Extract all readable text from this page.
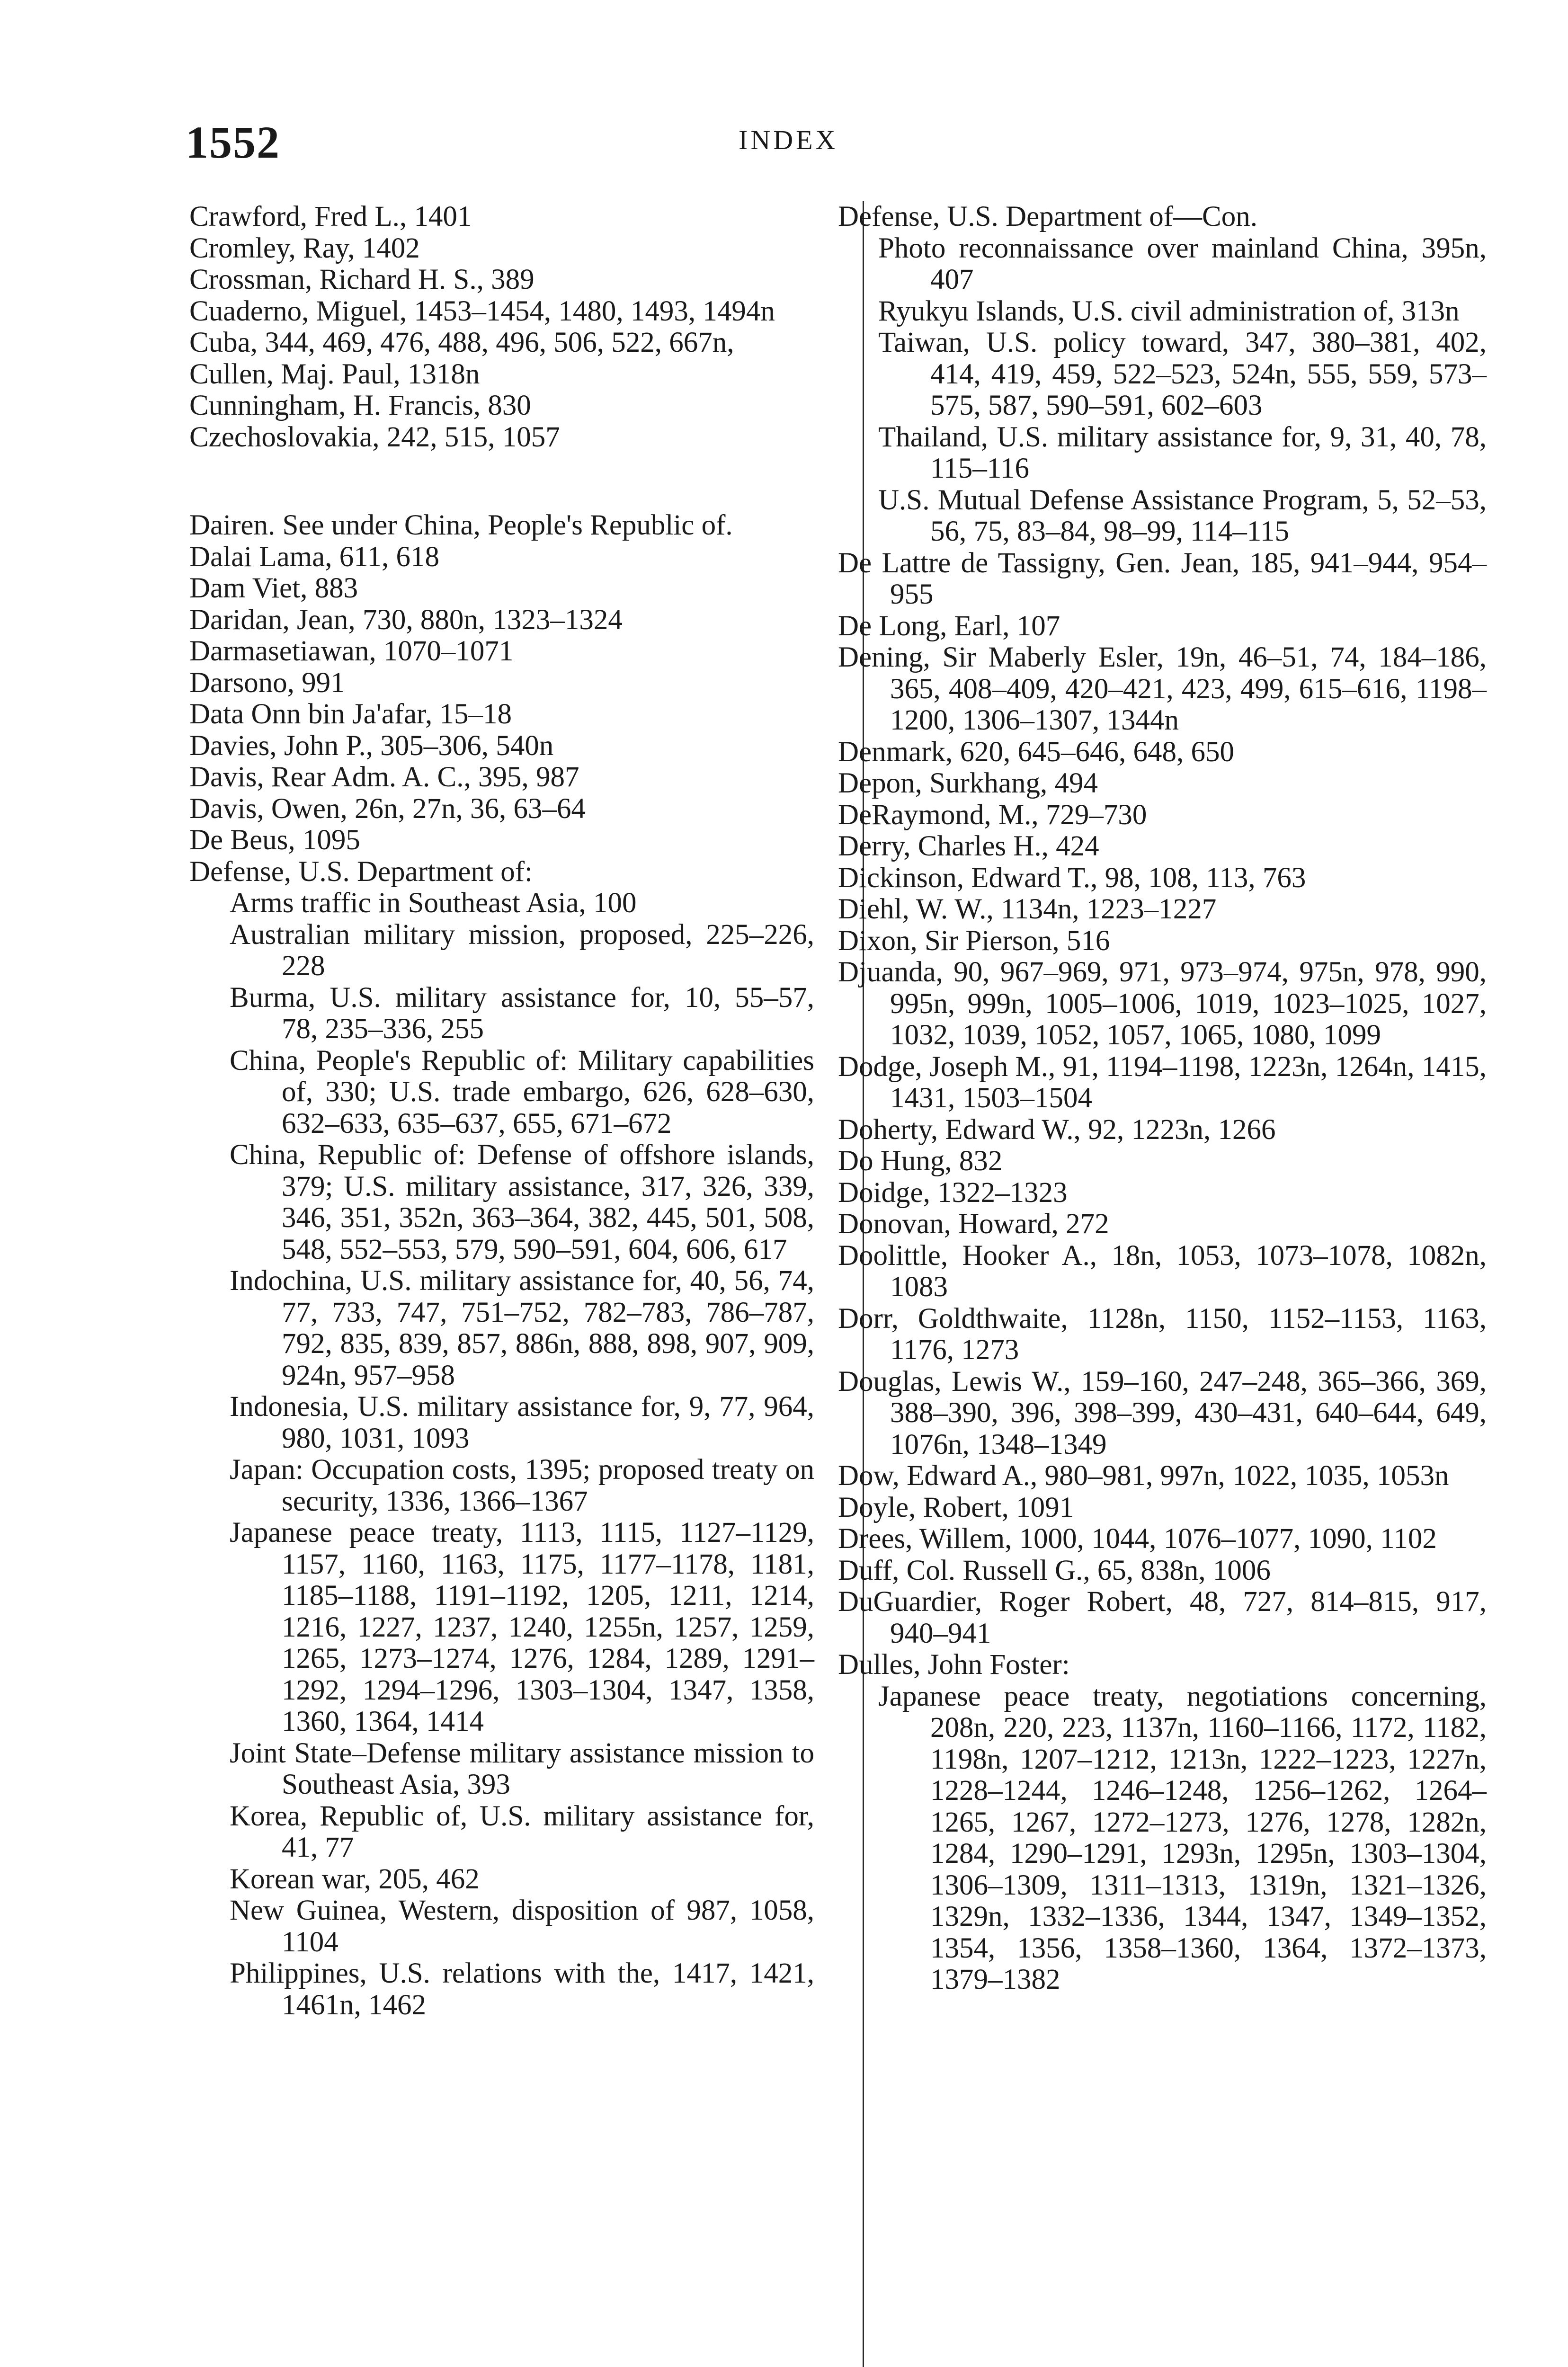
1552	INDEX
Crawford, Fred L., 1401
Cromley, Ray, 1402
Crossman, Richard H. S., 389
Cuaderno, Miguel, 1453–1454, 1480, 1493, 1494n
Cuba, 344, 469, 476, 488, 496, 506, 522, 667n,
Cullen, Maj. Paul, 1318n
Cunningham, H. Francis, 830
Czechoslovakia, 242, 515, 1057
Dairen. See under China, People's Republic of.
Dalai Lama, 611, 618
Dam Viet, 883
Daridan, Jean, 730, 880n, 1323–1324
Darmasetiawan, 1070–1071
Darsono, 991
Data Onn bin Ja'afar, 15–18
Davies, John P., 305–306, 540n
Davis, Rear Adm. A. C., 395, 987
Davis, Owen, 26n, 27n, 36, 63–64
De Beus, 1095
Defense, U.S. Department of:
Arms traffic in Southeast Asia, 100
Australian military mission, proposed, 225–226, 228
Burma, U.S. military assistance for, 10, 55–57, 78, 235–336, 255
China, People's Republic of: Military capabilities of, 330; U.S. trade embargo, 626, 628–630, 632–633, 635–637, 655, 671–672
China, Republic of: Defense of offshore islands, 379; U.S. military assistance, 317, 326, 339, 346, 351, 352n, 363–364, 382, 445, 501, 508, 548, 552–553, 579, 590–591, 604, 606, 617
Indochina, U.S. military assistance for, 40, 56, 74, 77, 733, 747, 751–752, 782–783, 786–787, 792, 835, 839, 857, 886n, 888, 898, 907, 909, 924n, 957–958
Indonesia, U.S. military assistance for, 9, 77, 964, 980, 1031, 1093
Japan: Occupation costs, 1395; proposed treaty on security, 1336, 1366–1367
Japanese peace treaty, 1113, 1115, 1127–1129, 1157, 1160, 1163, 1175, 1177–1178, 1181, 1185–1188, 1191–1192, 1205, 1211, 1214, 1216, 1227, 1237, 1240, 1255n, 1257, 1259, 1265, 1273–1274, 1276, 1284, 1289, 1291–1292, 1294–1296, 1303–1304, 1347, 1358, 1360, 1364, 1414
Joint State–Defense military assistance mission to Southeast Asia, 393
Korea, Republic of, U.S. military assistance for, 41, 77
Korean war, 205, 462
New Guinea, Western, disposition of 987, 1058, 1104
Philippines, U.S. relations with the, 1417, 1421, 1461n, 1462
Defense, U.S. Department of—Con.
Photo reconnaissance over mainland China, 395n, 407
Ryukyu Islands, U.S. civil administration of, 313n
Taiwan, U.S. policy toward, 347, 380–381, 402, 414, 419, 459, 522–523, 524n, 555, 559, 573–575, 587, 590–591, 602–603
Thailand, U.S. military assistance for, 9, 31, 40, 78, 115–116
U.S. Mutual Defense Assistance Program, 5, 52–53, 56, 75, 83–84, 98–99, 114–115
De Lattre de Tassigny, Gen. Jean, 185, 941–944, 954–955
De Long, Earl, 107
Dening, Sir Maberly Esler, 19n, 46–51, 74, 184–186, 365, 408–409, 420–421, 423, 499, 615–616, 1198–1200, 1306–1307, 1344n
Denmark, 620, 645–646, 648, 650
Depon, Surkhang, 494
DeRaymond, M., 729–730
Derry, Charles H., 424
Dickinson, Edward T., 98, 108, 113, 763
Diehl, W. W., 1134n, 1223–1227
Dixon, Sir Pierson, 516
Djuanda, 90, 967–969, 971, 973–974, 975n, 978, 990, 995n, 999n, 1005–1006, 1019, 1023–1025, 1027, 1032, 1039, 1052, 1057, 1065, 1080, 1099
Dodge, Joseph M., 91, 1194–1198, 1223n, 1264n, 1415, 1431, 1503–1504
Doherty, Edward W., 92, 1223n, 1266
Do Hung, 832
Doidge, 1322–1323
Donovan, Howard, 272
Doolittle, Hooker A., 18n, 1053, 1073–1078, 1082n, 1083
Dorr, Goldthwaite, 1128n, 1150, 1152–1153, 1163, 1176, 1273
Douglas, Lewis W., 159–160, 247–248, 365–366, 369, 388–390, 396, 398–399, 430–431, 640–644, 649, 1076n, 1348–1349
Dow, Edward A., 980–981, 997n, 1022, 1035, 1053n
Doyle, Robert, 1091
Drees, Willem, 1000, 1044, 1076–1077, 1090, 1102
Duff, Col. Russell G., 65, 838n, 1006
DuGuardier, Roger Robert, 48, 727, 814–815, 917, 940–941
Dulles, John Foster:
Japanese peace treaty, negotiations concerning, 208n, 220, 223, 1137n, 1160–1166, 1172, 1182, 1198n, 1207–1212, 1213n, 1222–1223, 1227n, 1228–1244, 1246–1248, 1256–1262, 1264–1265, 1267, 1272–1273, 1276, 1278, 1282n, 1284, 1290–1291, 1293n, 1295n, 1303–1304, 1306–1309, 1311–1313, 1319n, 1321–1326, 1329n, 1332–1336, 1344, 1347, 1349–1352, 1354, 1356, 1358–1360, 1364, 1372–1373, 1379–1382
